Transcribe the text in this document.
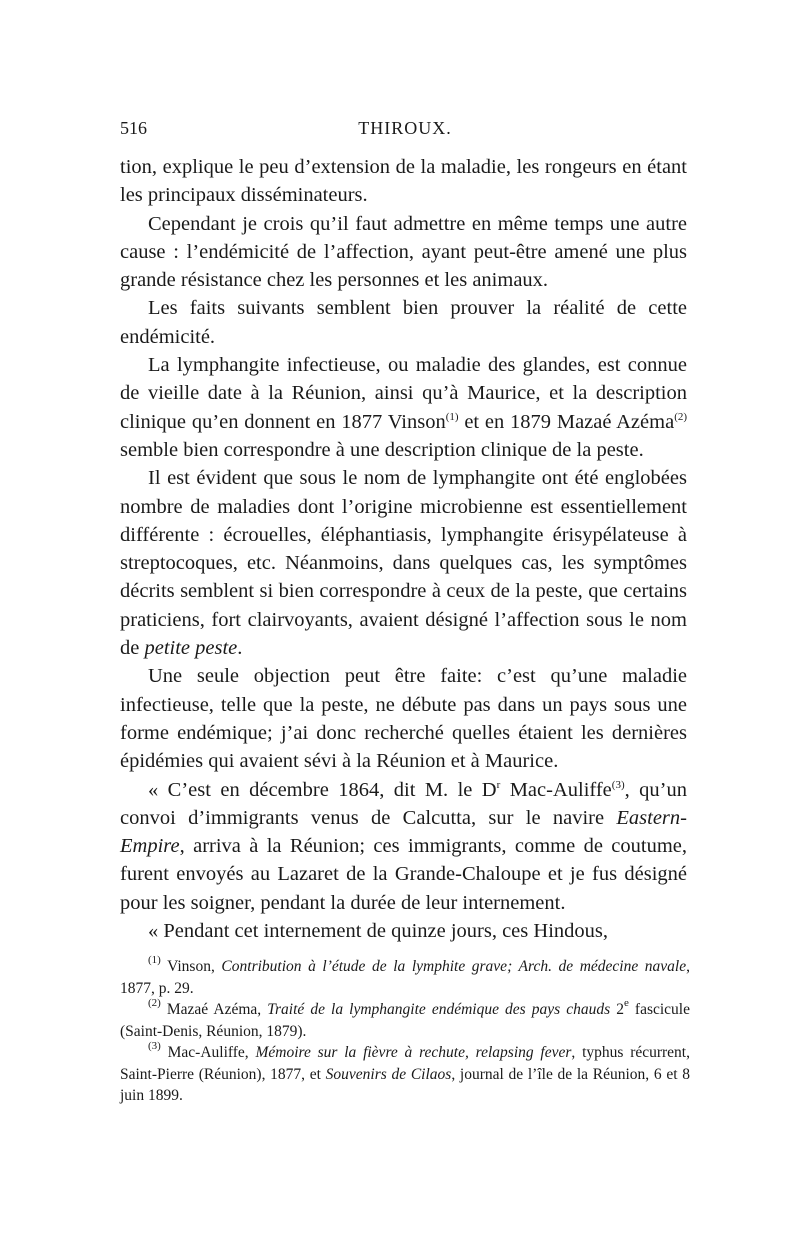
516	THIROUX.

tion, explique le peu d’extension de la maladie, les rongeurs en étant les principaux disséminateurs.

Cependant je crois qu’il faut admettre en même temps une autre cause : l’endémicité de l’affection, ayant peut-être amené une plus grande résistance chez les personnes et les animaux.

Les faits suivants semblent bien prouver la réalité de cette endémicité.

La lymphangite infectieuse, ou maladie des glandes, est connue de vieille date à la Réunion, ainsi qu’à Maurice, et la description clinique qu’en donnent en 1877 Vinson$^{(1)}$ et en 1879 Mazaé Azéma$^{(2)}$ semble bien correspondre à une description clinique de la peste.

Il est évident que sous le nom de lymphangite ont été englobées nombre de maladies dont l’origine microbienne est essentiellement différente : écrouelles, éléphantiasis, lymphangite érisypélateuse à streptocoques, etc. Néanmoins, dans quelques cas, les symptômes décrits semblent si bien correspondre à ceux de la peste, que certains praticiens, fort clairvoyants, avaient désigné l’affection sous le nom de petite peste.

Une seule objection peut être faite: c’est qu’une maladie infectieuse, telle que la peste, ne débute pas dans un pays sous une forme endémique; j’ai donc recherché quelles étaient les dernières épidémies qui avaient sévi à la Réunion et à Maurice.

« C’est en décembre 1864, dit M. le $D^r$ Mac-Auliffe$^{(3)}$, qu’un convoi d’immigrants venus de Calcutta, sur le navire Eastern-Empire, arriva à la Réunion; ces immigrants, comme de coutume, furent envoyés au Lazaret de la Grande-Chaloupe et je fus désigné pour les soigner, pendant la durée de leur internement.

« Pendant cet internement de quinze jours, ces Hindous,

$^{(1)}$ Vinson, Contribution à l’étude de la lymphite grave; Arch. de médecine navale, 1877, p. 29.

$^{(2)}$ Mazaé Azéma, Traité de la lymphangite endémique des pays chauds 2e fascicule (Saint-Denis, Réunion, 1879).

$^{(3)}$ Mac-Auliffe, Mémoire sur la fièvre à rechute, relapsing fever, typhus récurrent, Saint-Pierre (Réunion), 1877, et Souvenirs de Cilaos, journal de l’île de la Réunion, 6 et 8 juin 1899.
